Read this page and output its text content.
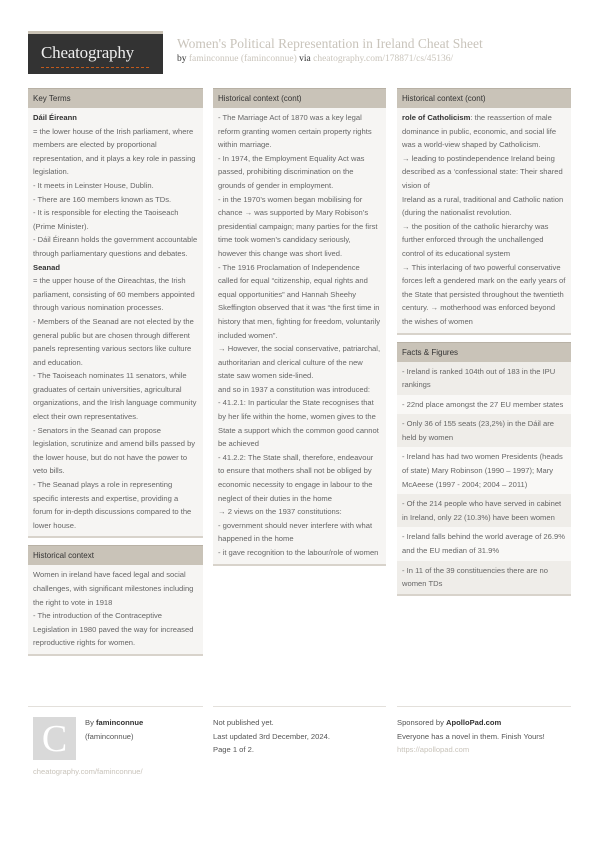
Cheatography	Women's Political Representation in Ireland Cheat Sheet
by faminconnue (faminconnue) via cheatography.com/178871/cs/45136/
Key Terms

Dáil Éireann

= the lower house of the Irish parliament, where members are elected by proportional representation, and it plays a key role in passing legislation.

- It meets in Leinster House, Dublin.

- There are 160 members known as TDs.

- It is responsible for electing the Taoiseach (Prime Minister).

- Dáil Éireann holds the government accountable through parliamentary questions and debates.

Seanad

= the upper house of the Oireachtas, the Irish parliament, consisting of 60 members appointed through various nomination processes.

- Members of the Seanad are not elected by the general public but are chosen through different panels representing various sectors like culture and education.

- The Taoiseach nominates 11 senators, while graduates of certain universities, agricultural organizations, and the Irish language community elect their own representatives.

- Senators in the Seanad can propose legislation, scrutinize and amend bills passed by the lower house, but do not have the power to veto bills.

- The Seanad plays a role in representing specific interests and expertise, providing a forum for in-depth discussions compared to the lower house.

Historical context

Women in ireland have faced legal and social challenges, with significant milestones including the right to vote in 1918

- The introduction of the Contraceptive Legislation in 1980 paved the way for increased reproductive rights for women.

Historical context (cont)

- The Marriage Act of 1870 was a key legal reform granting women certain property rights within marriage.

- In 1974, the Employment Equality Act was passed, prohibiting discrimination on the grounds of gender in employment.

- in the 1970’s women began mobilising for chance → was supported by Mary Robison’s presidential campaign; many parties for the first time took women’s candidacy seriously, however this change was short lived.

- The 1916 Proclamation of Independence called for equal “citizenship, equal rights and equal opportunities” and Hannah Sheehy Skeffington observed that it was “the first time in history that men, fighting for freedom, voluntarily included women”.

→ However, the social conservative, patriarchal, authoritarian and clerical culture of the new state saw women side-lined.

and so in 1937 a constitution was introduced:

- 41.2.1: In particular the State recognises that by her life within the home, women gives to the State a support which the common good cannot be achieved

- 41.2.2: The State shall, therefore, endeavour to ensure that mothers shall not be obliged by economic necessity to engage in labour to the neglect of their duties in the home

→ 2 views on the 1937 constitutions:

- government should never interfere with what happened in the home

- it gave recognition to the labour/role of women

Historical context (cont)

role of Catholicism: the reassertion of male dominance in public, economic, and social life was a world-view shaped by Catholicism.

→ leading to postindependence Ireland being described as a ‘confessional state: Their shared vision of

Ireland as a rural, traditional and Catholic nation (during the nationalist revolution.

→ the position of the catholic hierarchy was further enforced through the unchallenged control of its educational system

→ This interlacing of two powerful conservative forces left a gendered mark on the early years of the State that persisted throughout the twentieth century. → motherhood was enforced beyond the wishes of women

Facts & Figures
- Ireland is ranked 104th out of 183 in the IPU rankings
- 22nd place amongst the 27 EU member states
- Only 36 of 155 seats (23,2%) in the Dáil are held by women
- Ireland has had two women Presidents (heads of state) Mary Robinson (1990 – 1997); Mary McAeese (1997 - 2004; 2004 – 2011)
- Of the 214 people who have served in cabinet in Ireland, only 22 (10.3%) have been women
- Ireland falls behind the world average of 26.9% and the EU median of 31.9%
- In 11 of the 39 constituencies there are no women TDs
C	By faminconnue
(faminconnue)
cheatography.com/faminconnue/
Not published yet.
Last updated 3rd December, 2024.
Page 1 of 2.
Sponsored by ApolloPad.com
Everyone has a novel in them. Finish Yours!
https://apollopad.com
